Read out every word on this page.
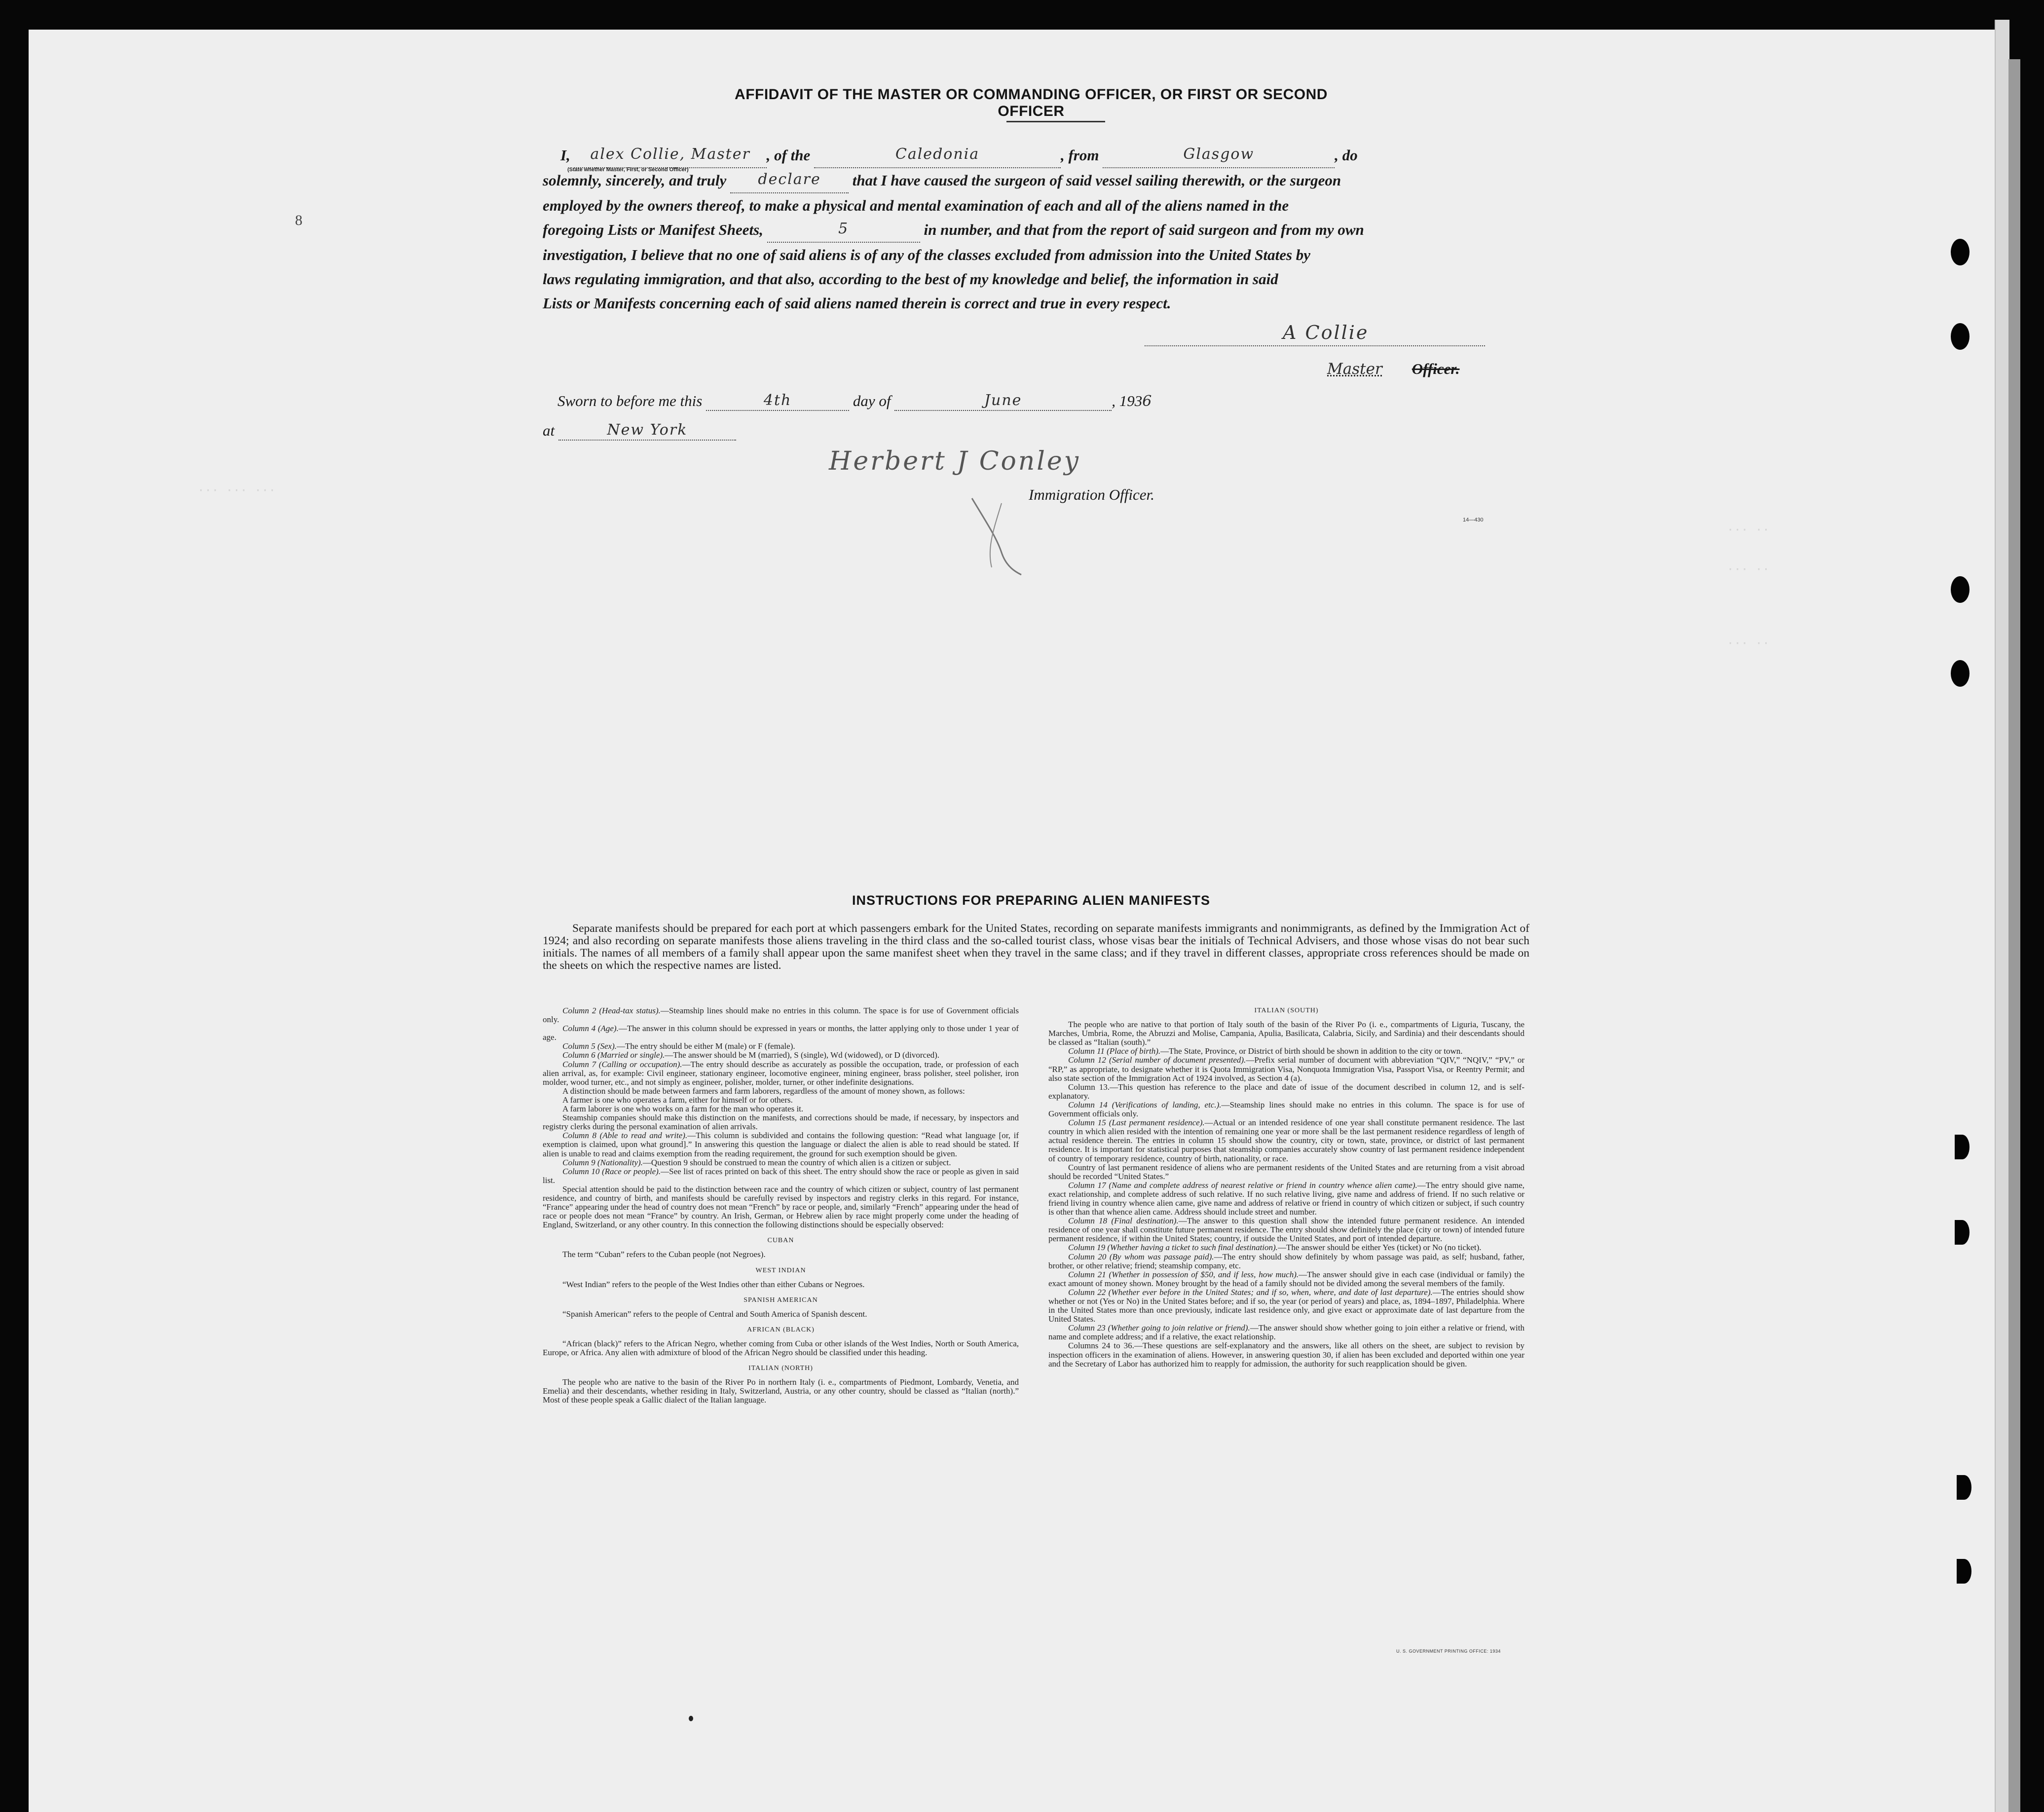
··· ··· ···
··· ··
··· ··
··· ··
AFFIDAVIT OF THE MASTER OR COMMANDING OFFICER, OR FIRST OR SECOND OFFICER
8
I,	alex Collie, Master	, of the	Caledonia	, from	Glasgow	, do
solemnly, sincerely, and truly	declare	that I have caused the surgeon of said vessel sailing therewith, or the surgeon
employed by the owners thereof, to make a physical and mental examination of each and all of the aliens named in the
foregoing Lists or Manifest Sheets,	5	in number, and that from the report of said surgeon and from my own
investigation, I believe that no one of said aliens is of any of the classes excluded from admission into the United States by
laws regulating immigration, and that also, according to the best of my knowledge and belief, the information in said
Lists or Manifests concerning each of said aliens named therein is correct and true in every respect.
(State whether Master, First, or Second Officer)
A Collie
Master Officer.
Sworn to before me this	4th	day of	June	, 1936
at	New York

Herbert J Conley
Immigration Officer.
14—430
INSTRUCTIONS FOR PREPARING ALIEN MANIFESTS

Separate manifests should be prepared for each port at which passengers embark for the United States, recording on separate manifests immigrants and nonimmigrants, as defined by the Immigration Act of 1924; and also recording on separate manifests those aliens traveling in the third class and the so-called tourist class, whose visas bear the initials of Technical Advisers, and those whose visas do not bear such initials. The names of all members of a family shall appear upon the same manifest sheet when they travel in the same class; and if they travel in different classes, appropriate cross references should be made on the sheets on which the respective names are listed.

Column 2 (Head-tax status).—Steamship lines should make no entries in this column. The space is for use of Government officials only.

Column 4 (Age).—The answer in this column should be expressed in years or months, the latter applying only to those under 1 year of age.

Column 5 (Sex).—The entry should be either M (male) or F (female).

Column 6 (Married or single).—The answer should be M (married), S (single), Wd (widowed), or D (divorced).

Column 7 (Calling or occupation).—The entry should describe as accurately as possible the occupation, trade, or profession of each alien arrival, as, for example: Civil engineer, stationary engineer, locomotive engineer, mining engineer, brass polisher, steel polisher, iron molder, wood turner, etc., and not simply as engineer, polisher, molder, turner, or other indefinite designations.

A distinction should be made between farmers and farm laborers, regardless of the amount of money shown, as follows:

A farmer is one who operates a farm, either for himself or for others.

A farm laborer is one who works on a farm for the man who operates it.

Steamship companies should make this distinction on the manifests, and corrections should be made, if necessary, by inspectors and registry clerks during the personal examination of alien arrivals.

Column 8 (Able to read and write).—This column is subdivided and contains the following question: “Read what language [or, if exemption is claimed, upon what ground].” In answering this question the language or dialect the alien is able to read should be stated. If alien is unable to read and claims exemption from the reading requirement, the ground for such exemption should be given.

Column 9 (Nationality).—Question 9 should be construed to mean the country of which alien is a citizen or subject.

Column 10 (Race or people).—See list of races printed on back of this sheet. The entry should show the race or people as given in said list.

Special attention should be paid to the distinction between race and the country of which citizen or subject, country of last permanent residence, and country of birth, and manifests should be carefully revised by inspectors and registry clerks in this regard. For instance, “France” appearing under the head of country does not mean “French” by race or people, and, similarly “French” appearing under the head of race or people does not mean “France” by country. An Irish, German, or Hebrew alien by race might properly come under the heading of England, Switzerland, or any other country. In this connection the following distinctions should be especially observed:

CUBAN

The term “Cuban” refers to the Cuban people (not Negroes).

WEST INDIAN

“West Indian” refers to the people of the West Indies other than either Cubans or Negroes.

SPANISH AMERICAN

“Spanish American” refers to the people of Central and South America of Spanish descent.

AFRICAN (BLACK)

“African (black)” refers to the African Negro, whether coming from Cuba or other islands of the West Indies, North or South America, Europe, or Africa. Any alien with admixture of blood of the African Negro should be classified under this heading.

ITALIAN (NORTH)

The people who are native to the basin of the River Po in northern Italy (i. e., compartments of Piedmont, Lombardy, Venetia, and Emelia) and their descendants, whether residing in Italy, Switzerland, Austria, or any other country, should be classed as “Italian (north).” Most of these people speak a Gallic dialect of the Italian language.

ITALIAN (SOUTH)

The people who are native to that portion of Italy south of the basin of the River Po (i. e., compartments of Liguria, Tuscany, the Marches, Umbria, Rome, the Abruzzi and Molise, Campania, Apulia, Basilicata, Calabria, Sicily, and Sardinia) and their descendants should be classed as “Italian (south).”

Column 11 (Place of birth).—The State, Province, or District of birth should be shown in addition to the city or town.

Column 12 (Serial number of document presented).—Prefix serial number of document with abbreviation “QIV,” “NQIV,” “PV,” or “RP,” as appropriate, to designate whether it is Quota Immigration Visa, Nonquota Immigration Visa, Passport Visa, or Reentry Permit; and also state section of the Immigration Act of 1924 involved, as Section 4 (a).

Column 13.—This question has reference to the place and date of issue of the document described in column 12, and is self-explanatory.

Column 14 (Verifications of landing, etc.).—Steamship lines should make no entries in this column. The space is for use of Government officials only.

Column 15 (Last permanent residence).—Actual or an intended residence of one year shall constitute permanent residence. The last country in which alien resided with the intention of remaining one year or more shall be the last permanent residence regardless of length of actual residence therein. The entries in column 15 should show the country, city or town, state, province, or district of last permanent residence. It is important for statistical purposes that steamship companies accurately show country of last permanent residence independent of country of temporary residence, country of birth, nationality, or race.

Country of last permanent residence of aliens who are permanent residents of the United States and are returning from a visit abroad should be recorded “United States.”

Column 17 (Name and complete address of nearest relative or friend in country whence alien came).—The entry should give name, exact relationship, and complete address of such relative. If no such relative living, give name and address of friend. If no such relative or friend living in country whence alien came, give name and address of relative or friend in country of which citizen or subject, if such country is other than that whence alien came. Address should include street and number.

Column 18 (Final destination).—The answer to this question shall show the intended future permanent residence. An intended residence of one year shall constitute future permanent residence. The entry should show definitely the place (city or town) of intended future permanent residence, if within the United States; country, if outside the United States, and port of intended departure.

Column 19 (Whether having a ticket to such final destination).—The answer should be either Yes (ticket) or No (no ticket).

Column 20 (By whom was passage paid).—The entry should show definitely by whom passage was paid, as self; husband, father, brother, or other relative; friend; steamship company, etc.

Column 21 (Whether in possession of $50, and if less, how much).—The answer should give in each case (individual or family) the exact amount of money shown. Money brought by the head of a family should not be divided among the several members of the family.

Column 22 (Whether ever before in the United States; and if so, when, where, and date of last departure).—The entries should show whether or not (Yes or No) in the United States before; and if so, the year (or period of years) and place, as, 1894–1897, Philadelphia. Where in the United States more than once previously, indicate last residence only, and give exact or approximate date of last departure from the United States.

Column 23 (Whether going to join relative or friend).—The answer should show whether going to join either a relative or friend, with name and complete address; and if a relative, the exact relationship.

Columns 24 to 36.—These questions are self-explanatory and the answers, like all others on the sheet, are subject to revision by inspection officers in the examination of aliens. However, in answering question 30, if alien has been excluded and deported within one year and the Secretary of Labor has authorized him to reapply for admission, the authority for such reapplication should be given.

U. S. GOVERNMENT PRINTING OFFICE: 1934
